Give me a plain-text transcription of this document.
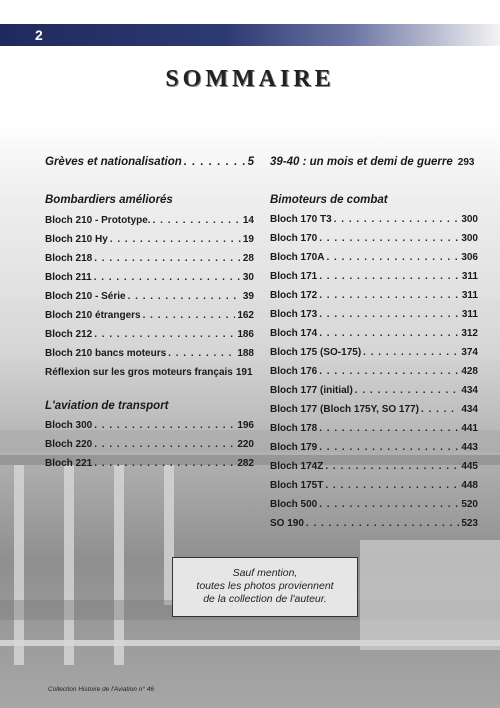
2
SOMMAIRE
Grèves et nationalisation . . .	5
Bombardiers améliorés
Bloch 210 - Prototype. . . .	14
Bloch 210 Hy . . .	19
Bloch 218 . . .	28
Bloch 211 . . .	30
Bloch 210 - Série . . .	39
Bloch 210 étrangers . . .	162
Bloch 212 . . .	186
Bloch 210 bancs moteurs . . .	188
Réflexion sur les gros moteurs français 191
L'aviation de transport
Bloch 300 . . .	196
Bloch 220 . . .	220
Bloch 221 . . .	282
39-40 : un mois et demi de guerre 293
Bimoteurs de combat
Bloch 170 T3 . . .	300
Bloch 170 . . .	300
Bloch 170A . . .	306
Bloch 171 . . .	311
Bloch 172 . . .	311
Bloch 173 . . .	311
Bloch 174 . . .	312
Bloch 175 (SO-175) . . .	374
Bloch 176 . . .	428
Bloch 177 (initial) . . .	434
Bloch 177 (Bloch 175Y, SO 177) . . .	434
Bloch 178 . . .	441
Bloch 179 . . .	443
Bloch 174Z . . .	445
Bloch 175T . . .	448
Bloch 500 . . .	520
SO 190 . . .	523
Sauf mention,
toutes les photos proviennent
de la collection de l'auteur.
Collection Histoire de l'Aviation n° 46
